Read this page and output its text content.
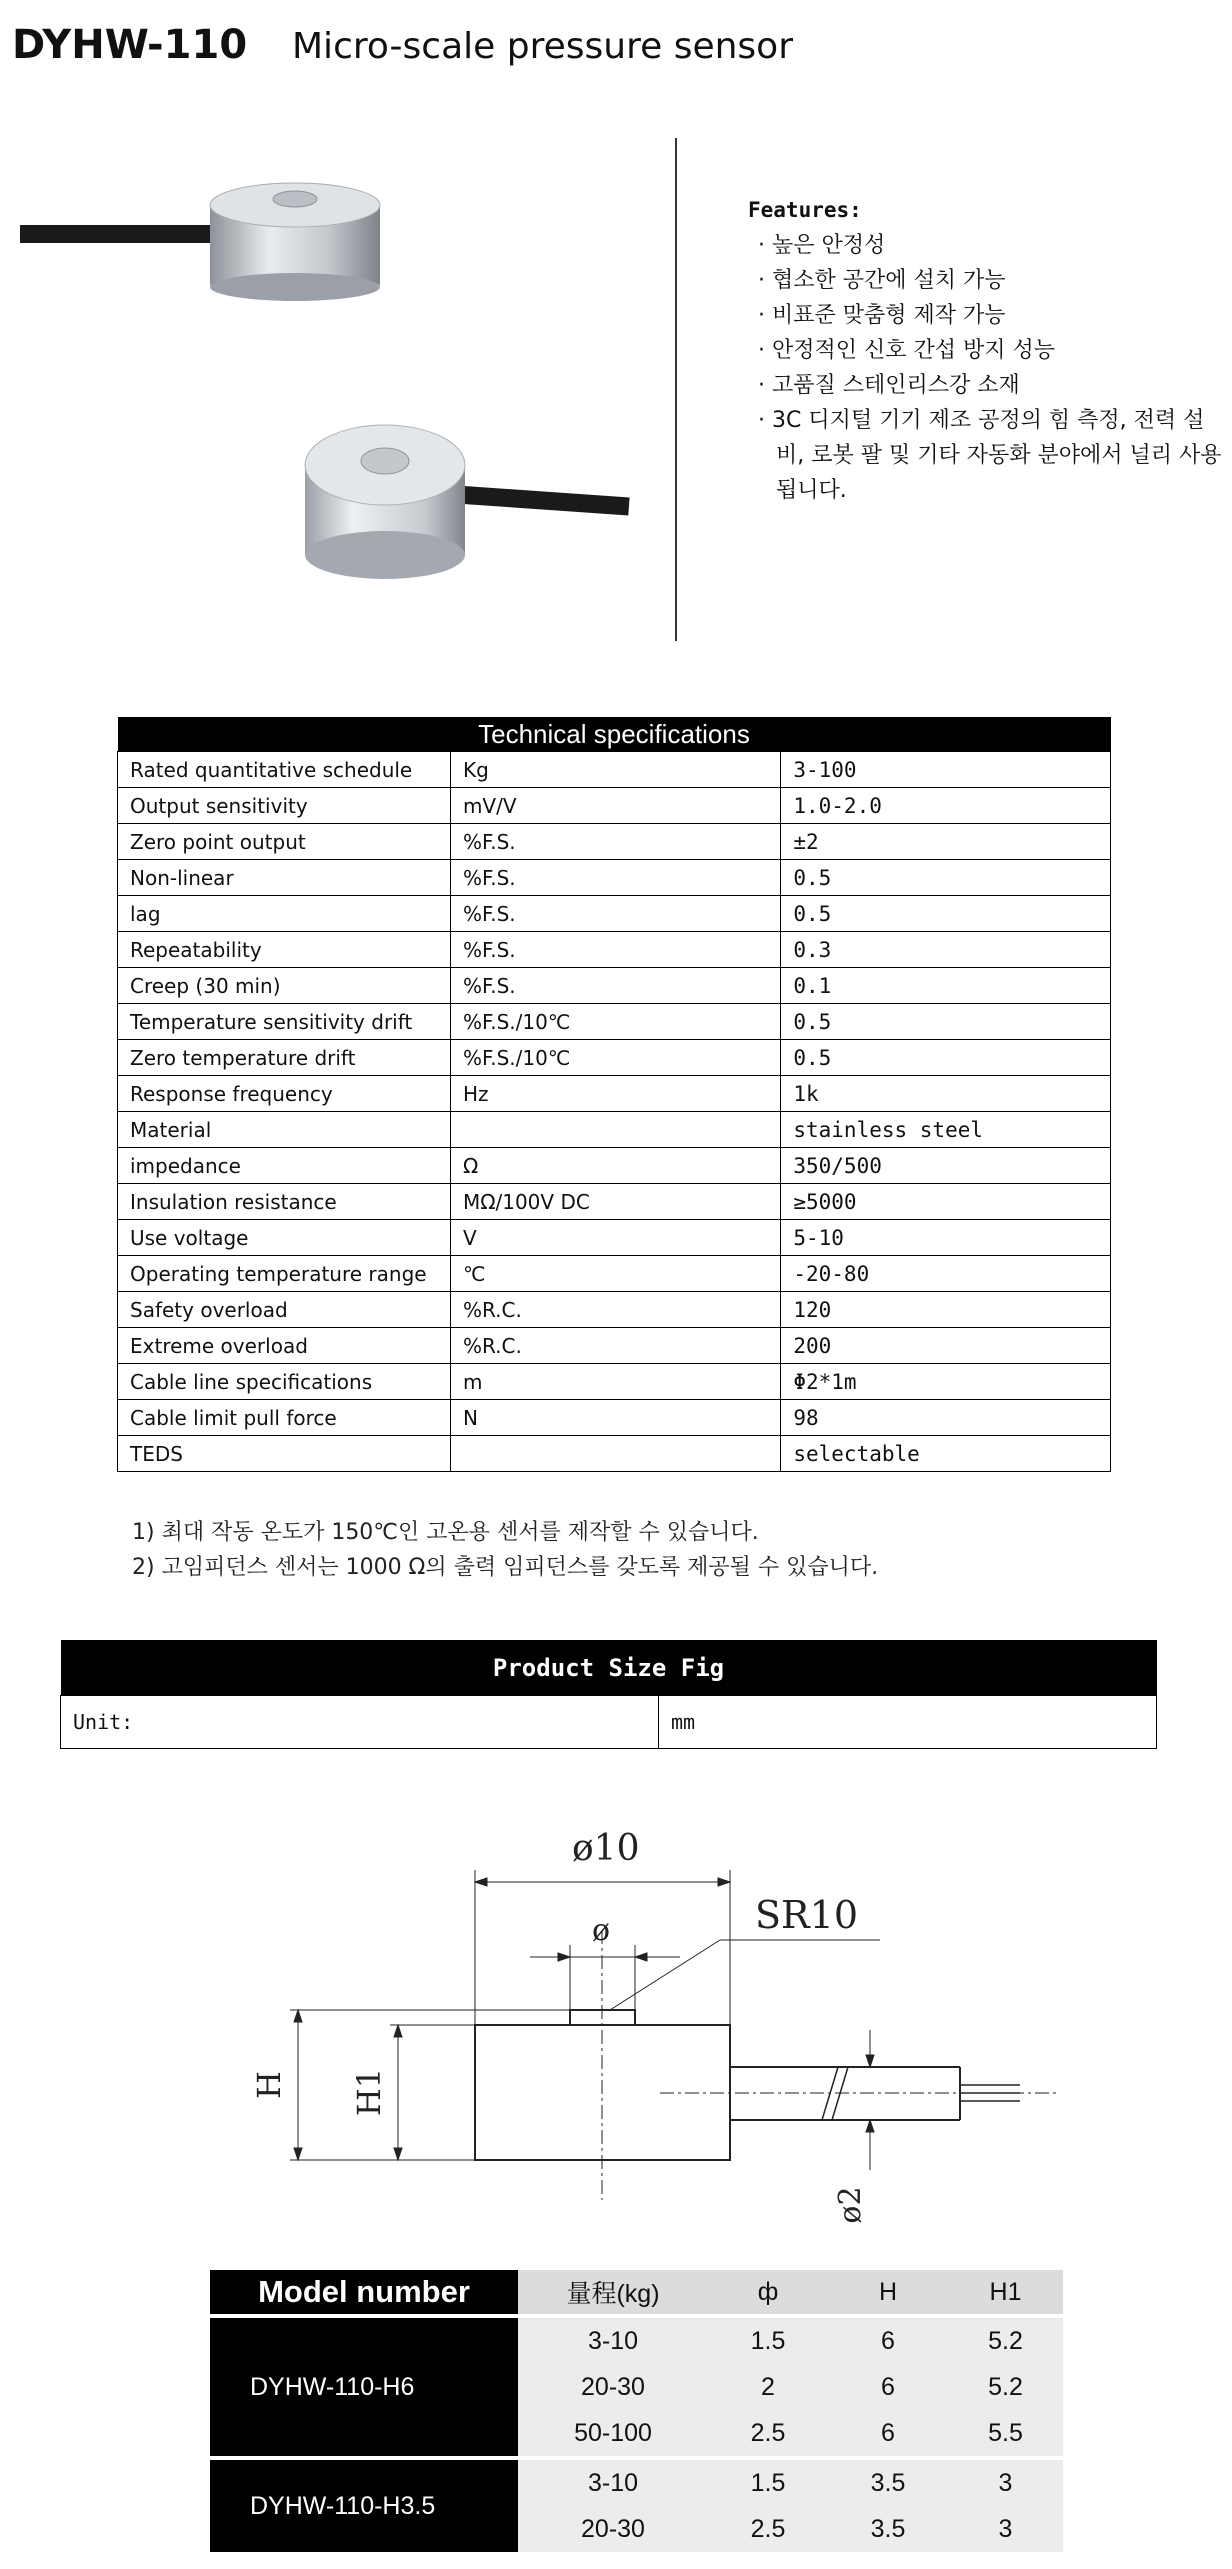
DYHW-110 Micro-scale pressure sensor
Features:
· 높은 안정성
· 협소한 공간에 설치 가능
· 비표준 맞춤형 제작 가능
· 안정적인 신호 간섭 방지 성능
· 고품질 스테인리스강 소재
· 3C 디지털 기기 제조 공정의 힘 측정, 전력 설비, 로봇 팔 및 기타 자동화 분야에서 널리 사용됩니다.
Technical specifications		
Rated quantitative schedule	Kg	3-100
Output sensitivity	mV/V	1.0-2.0
Zero point output	%F.S.	±2
Non-linear	%F.S.	0.5
lag	%F.S.	0.5
Repeatability	%F.S.	0.3
Creep (30 min)	%F.S.	0.1
Temperature sensitivity drift	%F.S./10℃	0.5
Zero temperature drift	%F.S./10℃	0.5
Response frequency	Hz	1k
Material		stainless steel
impedance	Ω	350/500
Insulation resistance	MΩ/100V DC	≥5000
Use voltage	V	5-10
Operating temperature range	℃	-20-80
Safety overload	%R.C.	120
Extreme overload	%R.C.	200
Cable line specifications	m	Φ2*1m
Cable limit pull force	N	98
TEDS		selectable
1) 최대 작동 온도가 150℃인 고온용 센서를 제작할 수 있습니다.
2) 고임피던스 센서는 1000 Ω의 출력 임피던스를 갖도록 제공될 수 있습니다.
Product Size Fig
Unit:	mm
ø10
ø	SR10
H H1
ø2
Model number	量程(kg)	ф	H	H1

DYHW-110-H6	3-10	1.5	6	5.2
	20-30	2	6	5.2
	50-100	2.5	6	5.5

DYHW-110-H3.5	3-10	1.5	3.5	3
	20-30	2.5	3.5	3
